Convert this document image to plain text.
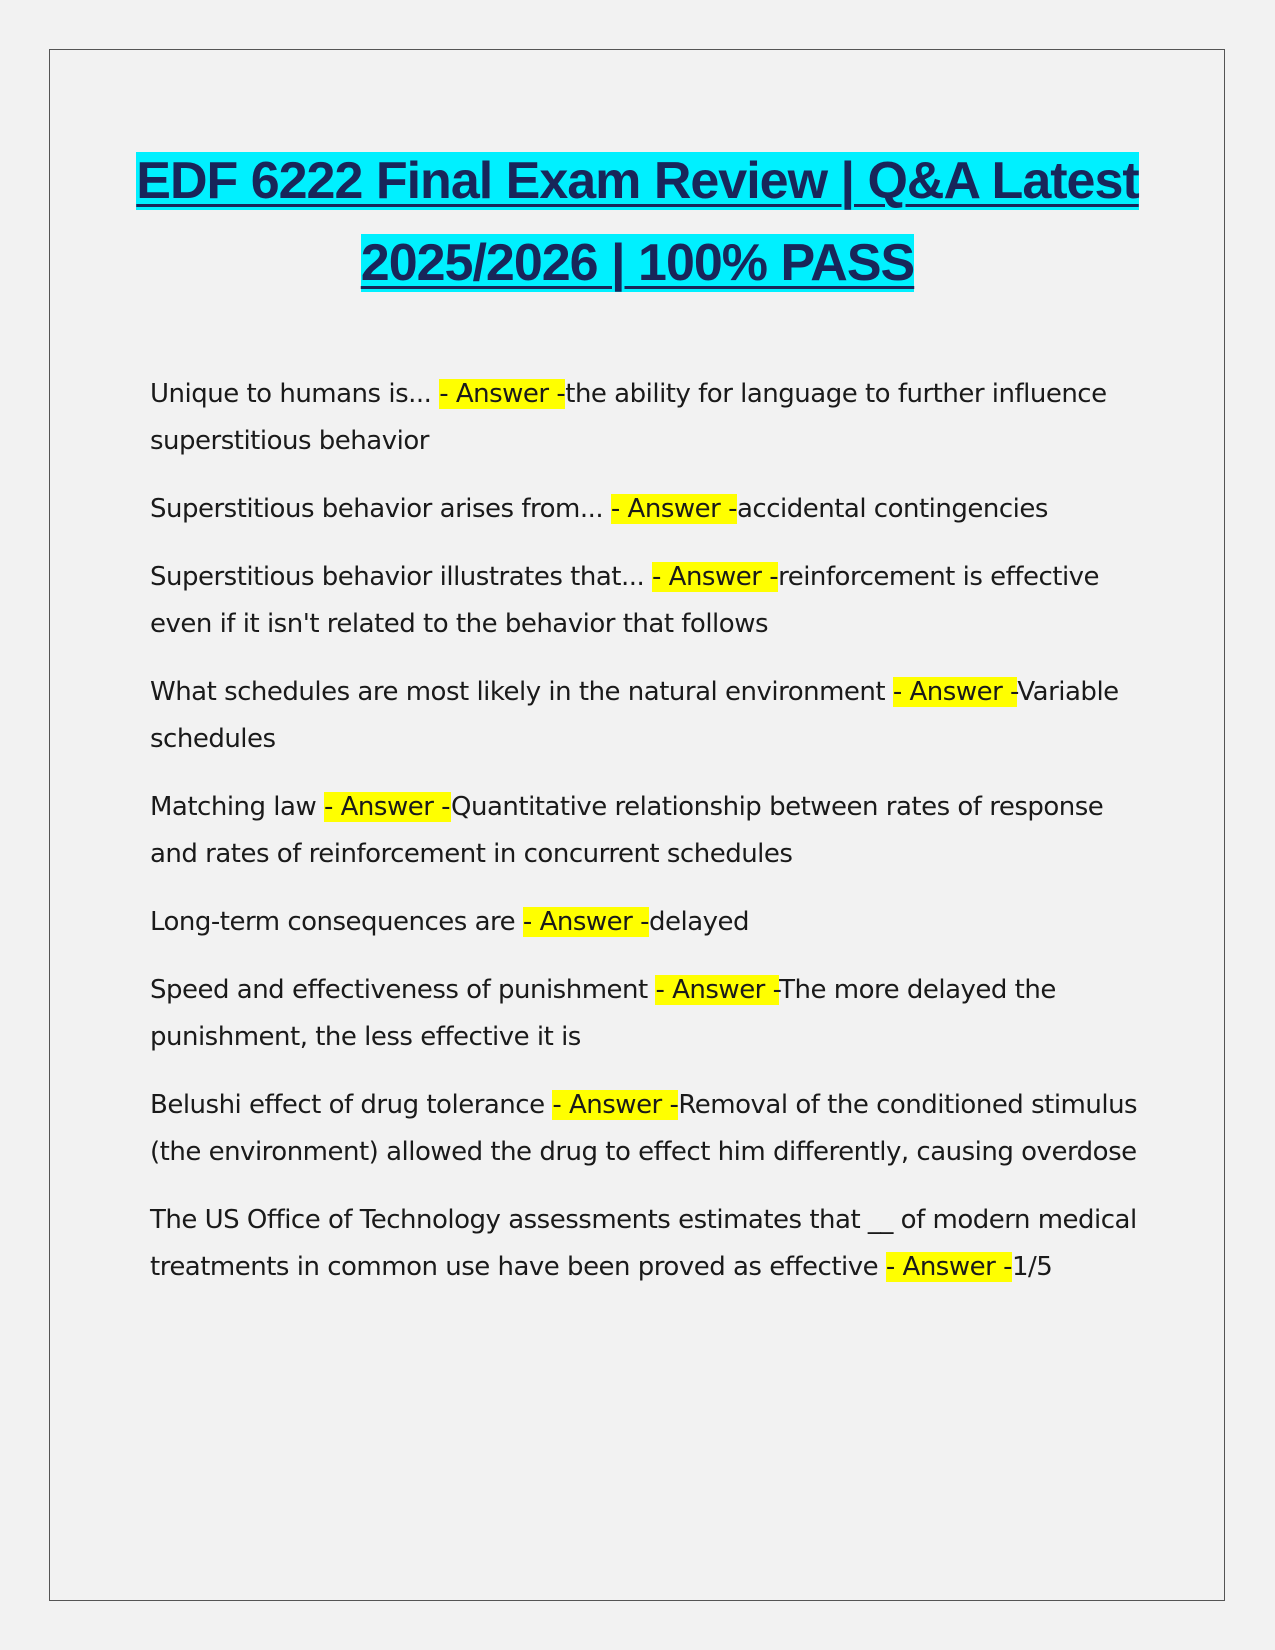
EDF 6222 Final Exam Review | Q&A Latest 2025/2026 | 100% PASS
Unique to humans is... - Answer -the ability for language to further influence superstitious behavior
Superstitious behavior arises from... - Answer -accidental contingencies
Superstitious behavior illustrates that... - Answer -reinforcement is effective even if it isn't related to the behavior that follows
What schedules are most likely in the natural environment - Answer -Variable schedules
Matching law - Answer -Quantitative relationship between rates of response and rates of reinforcement in concurrent schedules
Long-term consequences are - Answer -delayed
Speed and effectiveness of punishment - Answer -The more delayed the punishment, the less effective it is
Belushi effect of drug tolerance - Answer -Removal of the conditioned stimulus (the environment) allowed the drug to effect him differently, causing overdose
The US Office of Technology assessments estimates that __ of modern medical treatments in common use have been proved as effective - Answer -1/5
